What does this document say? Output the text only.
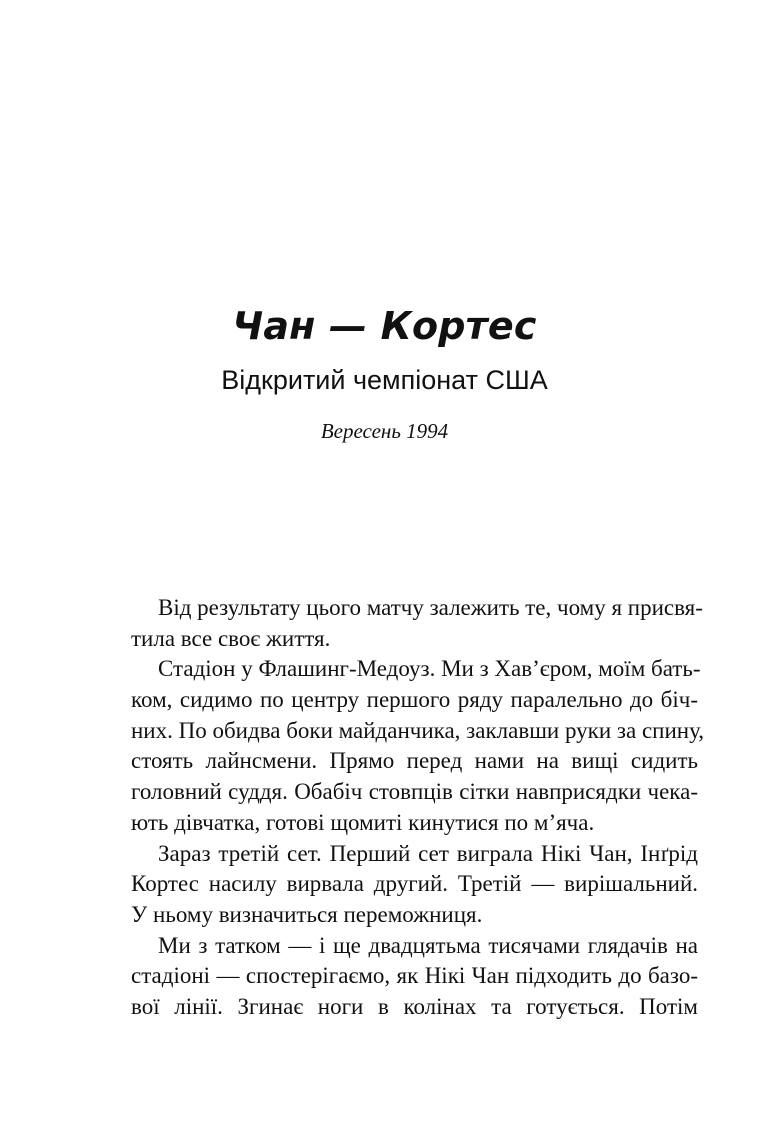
Чан — Кортес
Відкритий чемпіонат США
Вересень 1994
Від результату цього матчу залежить те, чому я присвя-
тила все своє життя.
Стадіон у Флашинг-Медоуз. Ми з Хав’єром, моїм бать-
ком, сидимо по центру першого ряду паралельно до біч-
них. По обидва боки майданчика, заклавши руки за спину,
стоять лайнсмени. Прямо перед нами на вищі сидить
головний суддя. Обабіч стовпців сітки навприсядки чека-
ють дівчатка, готові щомиті кинутися по м’яча.
Зараз третій сет. Перший сет виграла Нікі Чан, Інґрід
Кортес насилу вирвала другий. Третій — вирішальний.
У ньому визначиться переможниця.
Ми з татком — і ще двадцятьма тисячами глядачів на
стадіоні — спостерігаємо, як Нікі Чан підходить до базо-
вої лінії. Згинає ноги в колінах та готується. Потім
